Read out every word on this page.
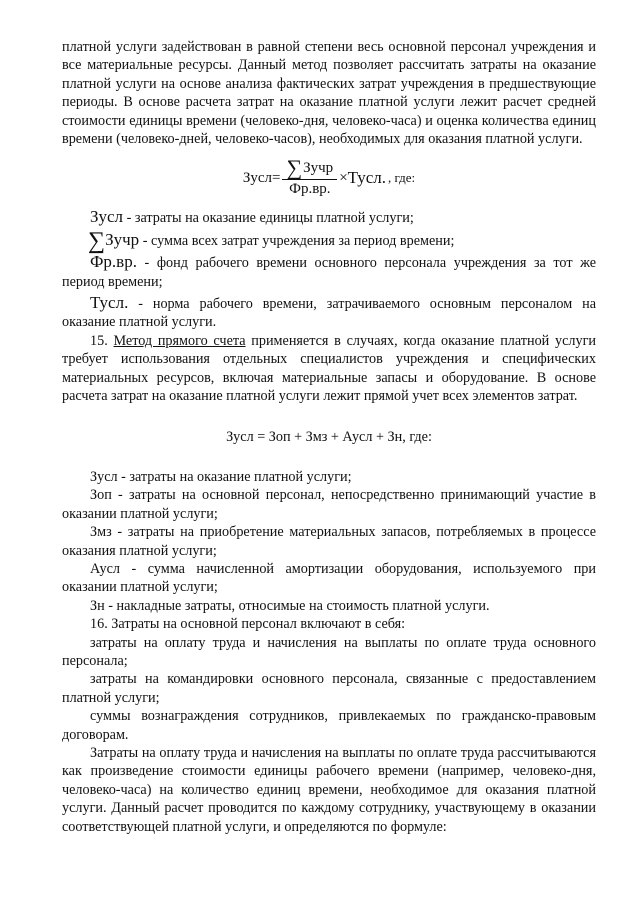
платной услуги задействован в равной степени весь основной персонал учреждения и все материальные ресурсы. Данный метод позволяет рассчитать затраты на оказание платной услуги на основе анализа фактических затрат учреждения в предшествующие периоды. В основе расчета затрат на оказание платной услуги лежит расчет средней стоимости единицы времени (человеко-дня, человеко-часа) и оценка количества единиц времени (человеко-дней, человеко-часов), необходимых для оказания платной услуги.

Зусл= $\frac{\text{∑ Зучр}}{Фр.вр.}$ × Тусл. , где:

Зусл - затраты на оказание единицы платной услуги;

∑Зучр - сумма всех затрат учреждения за период времени;

Фр.вр. - фонд рабочего времени основного персонала учреждения за тот же период времени;

Тусл. - норма рабочего времени, затрачиваемого основным персоналом на оказание платной услуги.

15. Метод прямого счета применяется в случаях, когда оказание платной услуги требует использования отдельных специалистов учреждения и специфических материальных ресурсов, включая материальные запасы и оборудование. В основе расчета затрат на оказание платной услуги лежит прямой учет всех элементов затрат.

Зусл = Зоп + Змз + Аусл + Зн, где:

Зусл - затраты на оказание платной услуги;

Зоп - затраты на основной персонал, непосредственно принимающий участие в оказании платной услуги;

Змз - затраты на приобретение материальных запасов, потребляемых в процессе оказания платной услуги;

Аусл - сумма начисленной амортизации оборудования, используемого при оказании платной услуги;

Зн - накладные затраты, относимые на стоимость платной услуги.

16. Затраты на основной персонал включают в себя:

затраты на оплату труда и начисления на выплаты по оплате труда основного персонала;

затраты на командировки основного персонала, связанные с предоставлением платной услуги;

суммы вознаграждения сотрудников, привлекаемых по гражданско-правовым договорам.

Затраты на оплату труда и начисления на выплаты по оплате труда рассчитываются как произведение стоимости единицы рабочего времени (например, человеко-дня, человеко-часа) на количество единиц времени, необходимое для оказания платной услуги. Данный расчет проводится по каждому сотруднику, участвующему в оказании соответствующей платной услуги, и определяются по формуле:
